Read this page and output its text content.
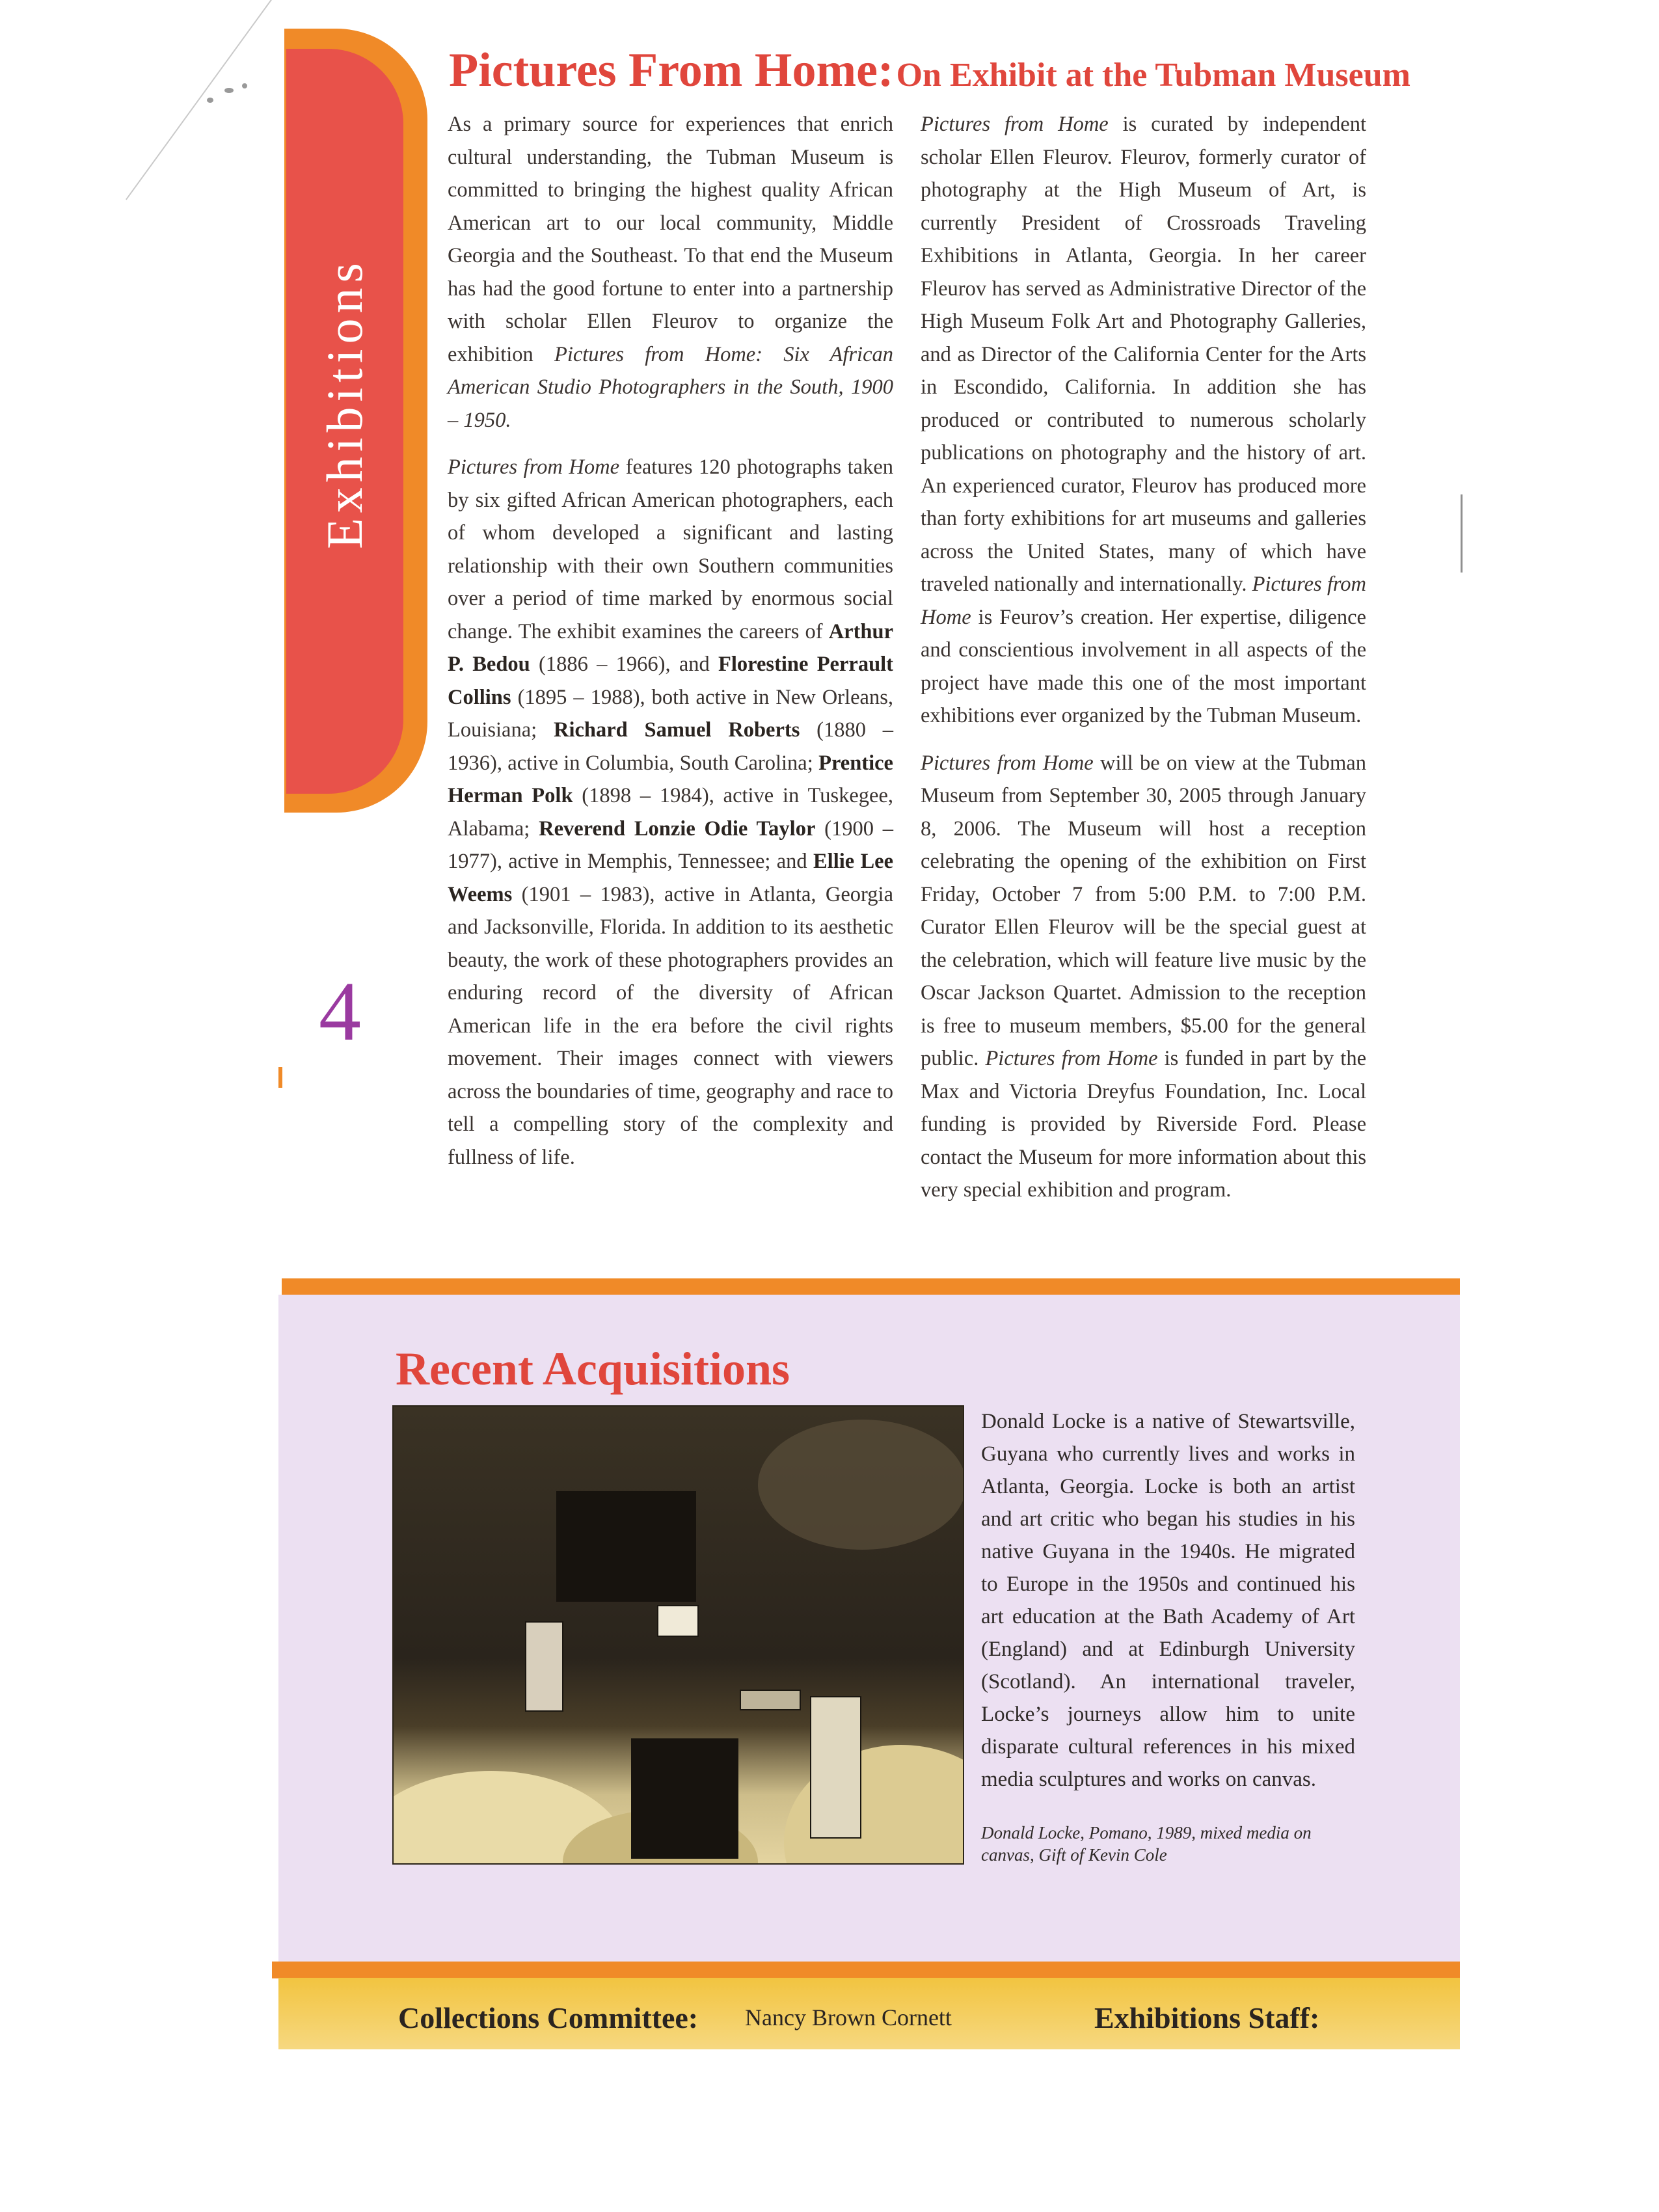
Exhibitions
4
Pictures From Home: On Exhibit at the Tubman Museum

As a primary source for experiences that enrich cultural understanding, the Tubman Museum is committed to bringing the highest quality African American art to our local community, Middle Georgia and the Southeast. To that end the Museum has had the good fortune to enter into a partnership with scholar Ellen Fleurov to organize the exhibition Pictures from Home: Six African American Studio Photographers in the South, 1900 – 1950.

Pictures from Home features 120 photographs taken by six gifted African American photographers, each of whom developed a significant and lasting relationship with their own Southern communities over a period of time marked by enormous social change. The exhibit examines the careers of Arthur P. Bedou (1886 – 1966), and Florestine Perrault Collins (1895 – 1988), both active in New Orleans, Louisiana; Richard Samuel Roberts (1880 – 1936), active in Columbia, South Carolina; Prentice Herman Polk (1898 – 1984), active in Tuskegee, Alabama; Reverend Lonzie Odie Taylor (1900 – 1977), active in Memphis, Tennessee; and Ellie Lee Weems (1901 – 1983), active in Atlanta, Georgia and Jacksonville, Florida. In addition to its aesthetic beauty, the work of these photographers provides an enduring record of the diversity of African American life in the era before the civil rights movement. Their images connect with viewers across the boundaries of time, geography and race to tell a compelling story of the complexity and fullness of life.

Pictures from Home is curated by independent scholar Ellen Fleurov. Fleurov, formerly curator of photography at the High Museum of Art, is currently President of Crossroads Traveling Exhibitions in Atlanta, Georgia. In her career Fleurov has served as Administrative Director of the High Museum Folk Art and Photography Galleries, and as Director of the California Center for the Arts in Escondido, California. In addition she has produced or contributed to numerous scholarly publications on photography and the history of art. An experienced curator, Fleurov has produced more than forty exhibitions for art museums and galleries across the United States, many of which have traveled nationally and internationally. Pictures from Home is Feurov’s creation. Her expertise, diligence and conscientious involvement in all aspects of the project have made this one of the most important exhibitions ever organized by the Tubman Museum.

Pictures from Home will be on view at the Tubman Museum from September 30, 2005 through January 8, 2006. The Museum will host a reception celebrating the opening of the exhibition on First Friday, October 7 from 5:00 P.M. to 7:00 P.M. Curator Ellen Fleurov will be the special guest at the celebration, which will feature live music by the Oscar Jackson Quartet. Admission to the reception is free to museum members, $5.00 for the general public. Pictures from Home is funded in part by the Max and Victoria Dreyfus Foundation, Inc. Local funding is provided by Riverside Ford. Please contact the Museum for more information about this very special exhibition and program.

Recent Acquisitions
Donald Locke is a native of Stewartsville, Guyana who currently lives and works in Atlanta, Georgia. Locke is both an artist and art critic who began his studies in his native Guyana in the 1940s. He migrated to Europe in the 1950s and continued his art education at the Bath Academy of Art (England) and at Edinburgh University (Scotland). An international traveler, Locke’s journeys allow him to unite disparate cultural references in his mixed media sculptures and works on canvas.
Donald Locke, Pomano, 1989, mixed media on canvas, Gift of Kevin Cole
Collections Committee: Nancy Brown Cornett	Exhibitions Staff:
